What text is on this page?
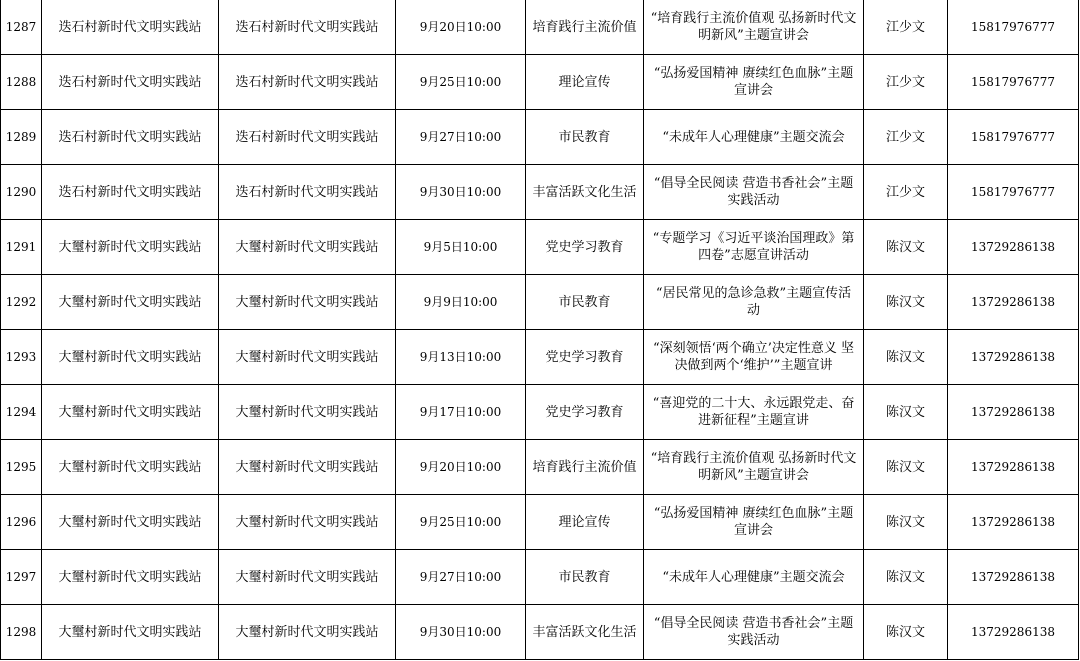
1287	迭石村新时代文明实践站	迭石村新时代文明实践站	9月20日10:00	培育践行主流价值	“培育践行主流价值观 弘扬新时代文明新风”主题宣讲会	江少文	15817976777
1288	迭石村新时代文明实践站	迭石村新时代文明实践站	9月25日10:00	理论宣传	“弘扬爱国精神 赓续红色血脉”主题宣讲会	江少文	15817976777
1289	迭石村新时代文明实践站	迭石村新时代文明实践站	9月27日10:00	市民教育	“未成年人心理健康”主题交流会	江少文	15817976777
1290	迭石村新时代文明实践站	迭石村新时代文明实践站	9月30日10:00	丰富活跃文化生活	“倡导全民阅读 营造书香社会”主题实践活动	江少文	15817976777
1291	大璽村新时代文明实践站	大璽村新时代文明实践站	9月5日10:00	党史学习教育	“专题学习《习近平谈治国理政》第四卷”志愿宣讲活动	陈汉文	13729286138
1292	大璽村新时代文明实践站	大璽村新时代文明实践站	9月9日10:00	市民教育	“居民常见的急诊急救”主题宣传活动	陈汉文	13729286138
1293	大璽村新时代文明实践站	大璽村新时代文明实践站	9月13日10:00	党史学习教育	“深刻领悟‘两个确立’决定性意义 坚决做到两个‘维护’”主题宣讲	陈汉文	13729286138
1294	大璽村新时代文明实践站	大璽村新时代文明实践站	9月17日10:00	党史学习教育	“喜迎党的二十大、永远跟党走、奋进新征程”主题宣讲	陈汉文	13729286138
1295	大璽村新时代文明实践站	大璽村新时代文明实践站	9月20日10:00	培育践行主流价值	“培育践行主流价值观 弘扬新时代文明新风”主题宣讲会	陈汉文	13729286138
1296	大璽村新时代文明实践站	大璽村新时代文明实践站	9月25日10:00	理论宣传	“弘扬爱国精神 赓续红色血脉”主题宣讲会	陈汉文	13729286138
1297	大璽村新时代文明实践站	大璽村新时代文明实践站	9月27日10:00	市民教育	“未成年人心理健康”主题交流会	陈汉文	13729286138
1298	大璽村新时代文明实践站	大璽村新时代文明实践站	9月30日10:00	丰富活跃文化生活	“倡导全民阅读 营造书香社会”主题实践活动	陈汉文	13729286138
